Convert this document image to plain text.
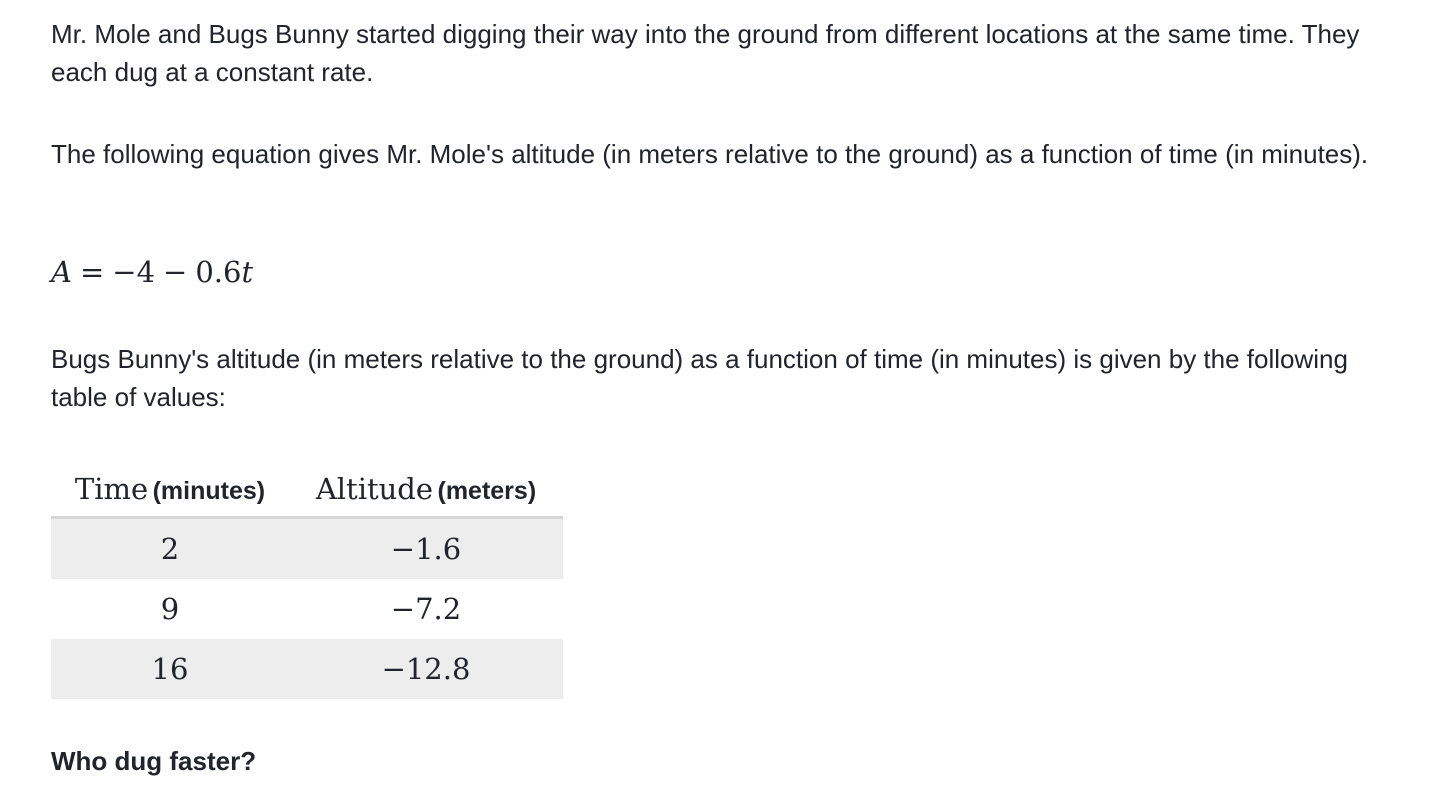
Mr. Mole and Bugs Bunny started digging their way into the ground from different locations at the same time. They each dug at a constant rate.

The following equation gives Mr. Mole's altitude (in meters relative to the ground) as a function of time (in minutes).

A = −4 − 0.6t

Bugs Bunny's altitude (in meters relative to the ground) as a function of time (in minutes) is given by the following table of values:

Time (minutes)	Altitude (meters)
2	−1.6
9	−7.2
16	−12.8

Who dug faster?
